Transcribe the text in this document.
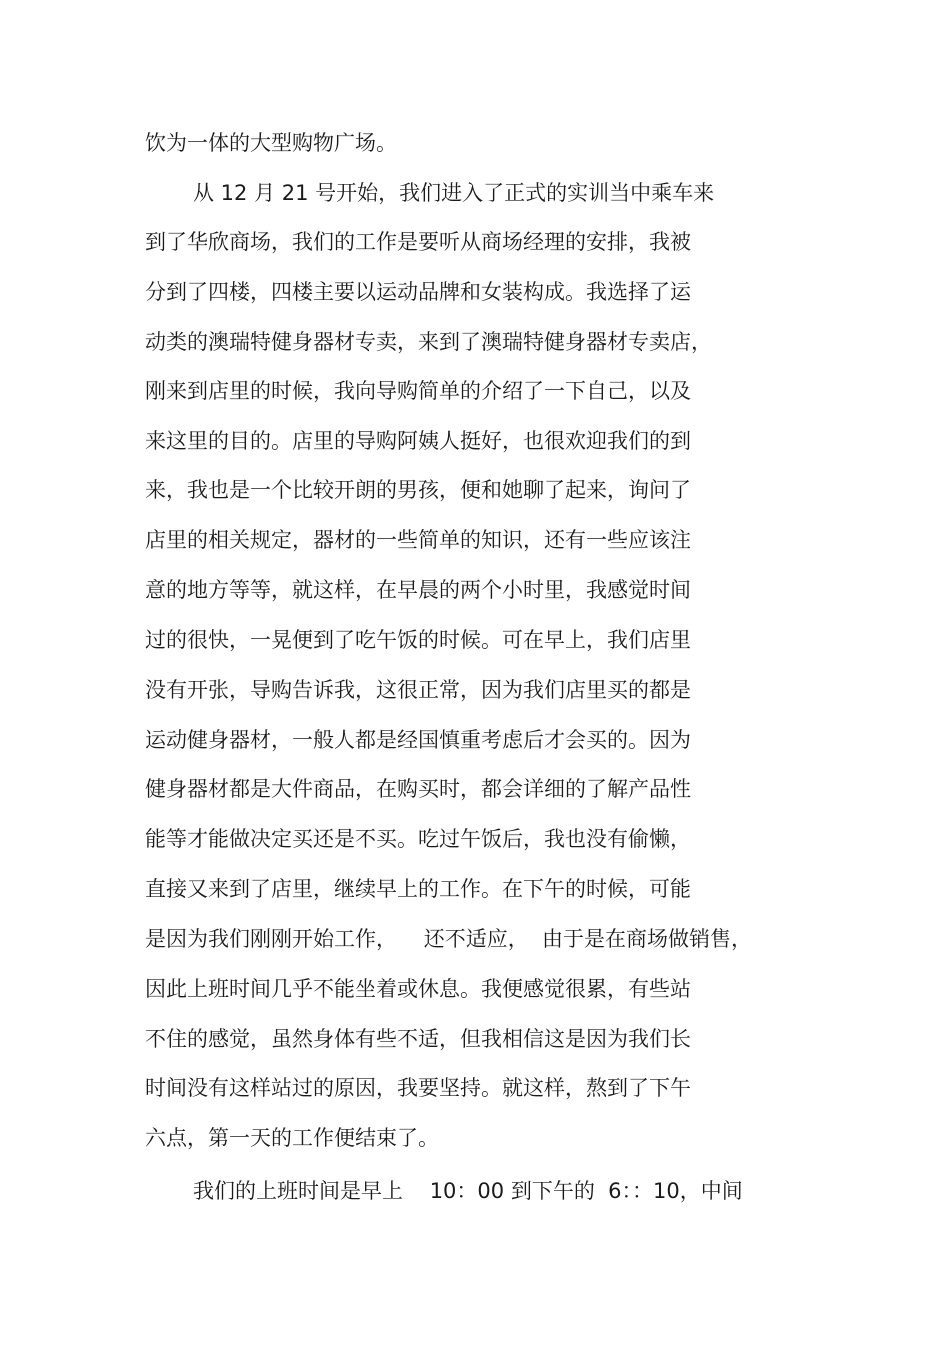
饮为一体的大型购物广场。

从 12 月 21 号开始，我们进入了正式的实训当中乘车来

到了华欣商场，我们的工作是要听从商场经理的安排，我被

分到了四楼，四楼主要以运动品牌和女装构成。我选择了运

动类的澳瑞特健身器材专卖，来到了澳瑞特健身器材专卖店，

刚来到店里的时候，我向导购简单的介绍了一下自己，以及

来这里的目的。店里的导购阿姨人挺好，也很欢迎我们的到

来，我也是一个比较开朗的男孩，便和她聊了起来，询问了

店里的相关规定，器材的一些简单的知识，还有一些应该注

意的地方等等，就这样，在早晨的两个小时里，我感觉时间

过的很快，一晃便到了吃午饭的时候。可在早上，我们店里

没有开张，导购告诉我，这很正常，因为我们店里买的都是

运动健身器材，一般人都是经国慎重考虑后才会买的。因为

健身器材都是大件商品，在购买时，都会详细的了解产品性

能等才能做决定买还是不买。吃过午饭后，我也没有偷懒，

直接又来到了店里，继续早上的工作。在下午的时候，可能

是因为我们刚刚开始工作，    还不适应，  由于是在商场做销售，

因此上班时间几乎不能坐着或休息。我便感觉很累，有些站

不住的感觉，虽然身体有些不适，但我相信这是因为我们长

时间没有这样站过的原因，我要坚持。就这样，熬到了下午

六点，第一天的工作便结束了。

我们的上班时间是早上    10：00 到下午的  6：：10，中间
